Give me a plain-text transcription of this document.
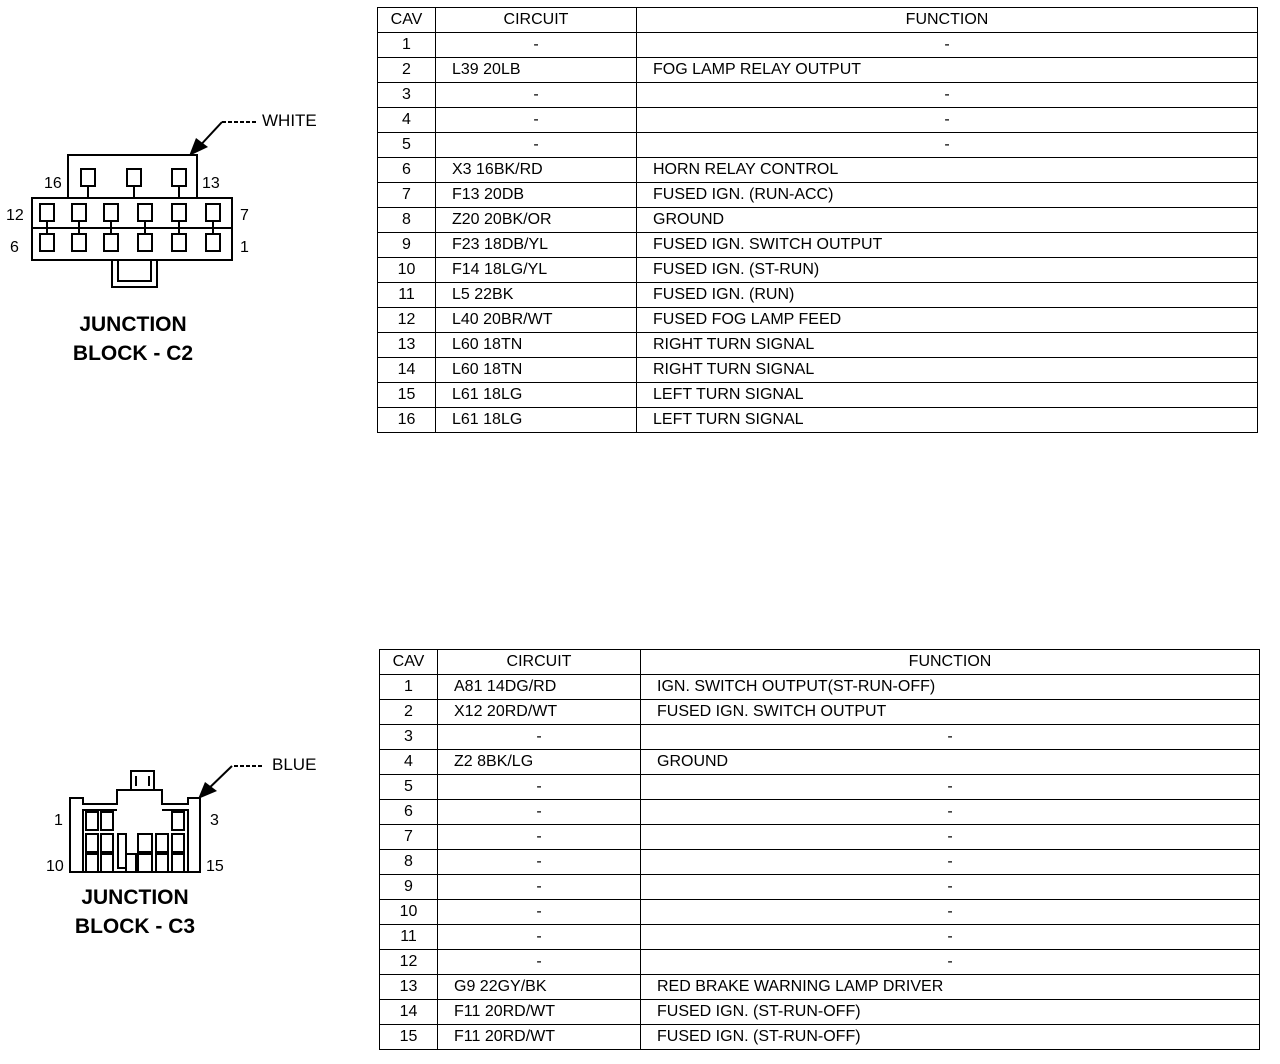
16	13
12	7
6	1
WHITE
JUNCTION
BLOCK - C2
CAV	CIRCUIT	FUNCTION
1	-	-
2	L39 20LB	FOG LAMP RELAY OUTPUT
3	-	-
4	-	-
5	-	-
6	X3 16BK/RD	HORN RELAY CONTROL
7	F13 20DB	FUSED IGN. (RUN-ACC)
8	Z20 20BK/OR	GROUND
9	F23 18DB/YL	FUSED IGN. SWITCH OUTPUT
10	F14 18LG/YL	FUSED IGN. (ST-RUN)
11	L5 22BK	FUSED IGN. (RUN)
12	L40 20BR/WT	FUSED FOG LAMP FEED
13	L60 18TN	RIGHT TURN SIGNAL
14	L60 18TN	RIGHT TURN SIGNAL
15	L61 18LG	LEFT TURN SIGNAL
16	L61 18LG	LEFT TURN SIGNAL
1	3
10	15
BLUE
JUNCTION
BLOCK - C3
CAV	CIRCUIT	FUNCTION
1	A81 14DG/RD	IGN. SWITCH OUTPUT(ST-RUN-OFF)
2	X12 20RD/WT	FUSED IGN. SWITCH OUTPUT
3	-	-
4	Z2 8BK/LG	GROUND
5	-	-
6	-	-
7	-	-
8	-	-
9	-	-
10	-	-
11	-	-
12	-	-
13	G9 22GY/BK	RED BRAKE WARNING LAMP DRIVER
14	F11 20RD/WT	FUSED IGN. (ST-RUN-OFF)
15	F11 20RD/WT	FUSED IGN. (ST-RUN-OFF)
